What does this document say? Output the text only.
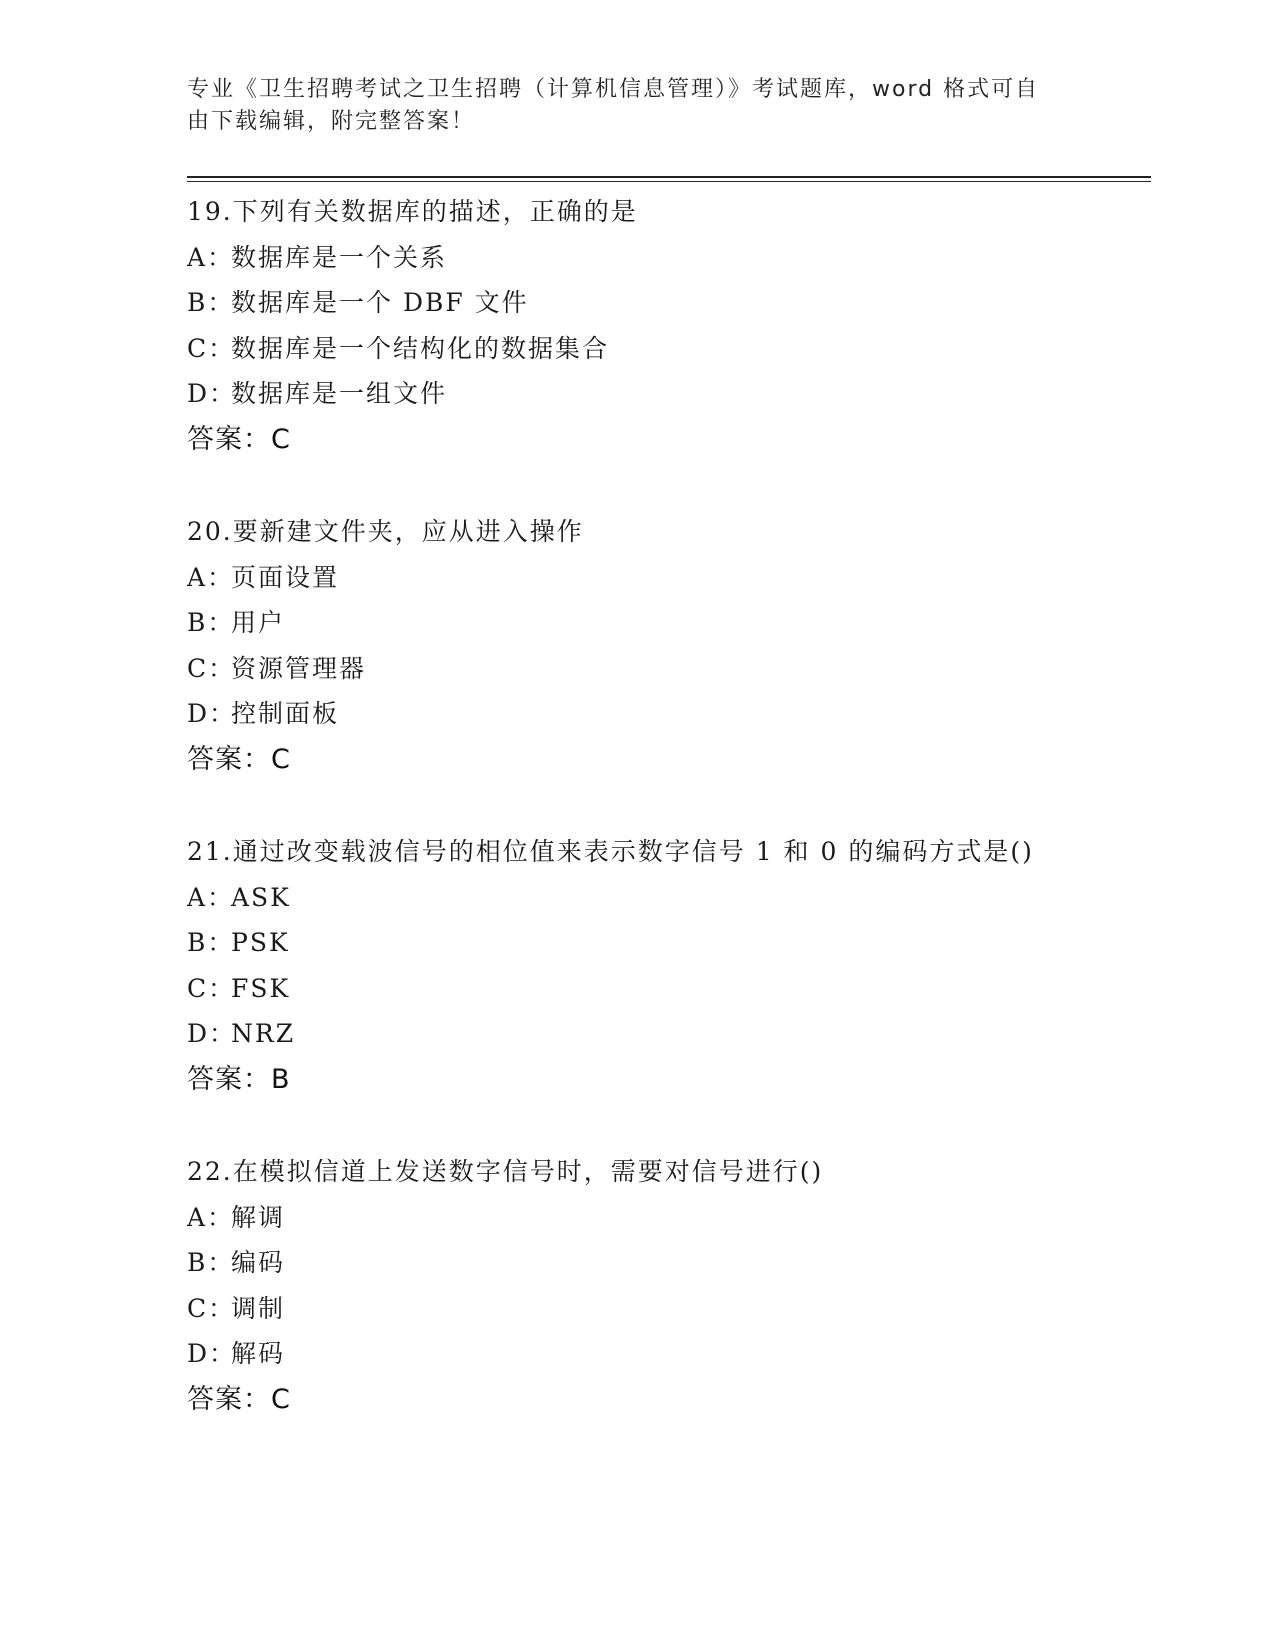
专业《卫生招聘考试之卫生招聘（计算机信息管理）》考试题库，word 格式可自
由下载编辑，附完整答案！
19.下列有关数据库的描述，正确的是
A：数据库是一个关系
B：数据库是一个 DBF 文件
C：数据库是一个结构化的数据集合
D：数据库是一组文件
答案：C
20.要新建文件夹，应从进入操作
A：页面设置
B：用户
C：资源管理器
D：控制面板
答案：C
21.通过改变载波信号的相位值来表示数字信号 1 和 0 的编码方式是()
A：ASK
B：PSK
C：FSK
D：NRZ
答案：B
22.在模拟信道上发送数字信号时，需要对信号进行()
A：解调
B：编码
C：调制
D：解码
答案：C
